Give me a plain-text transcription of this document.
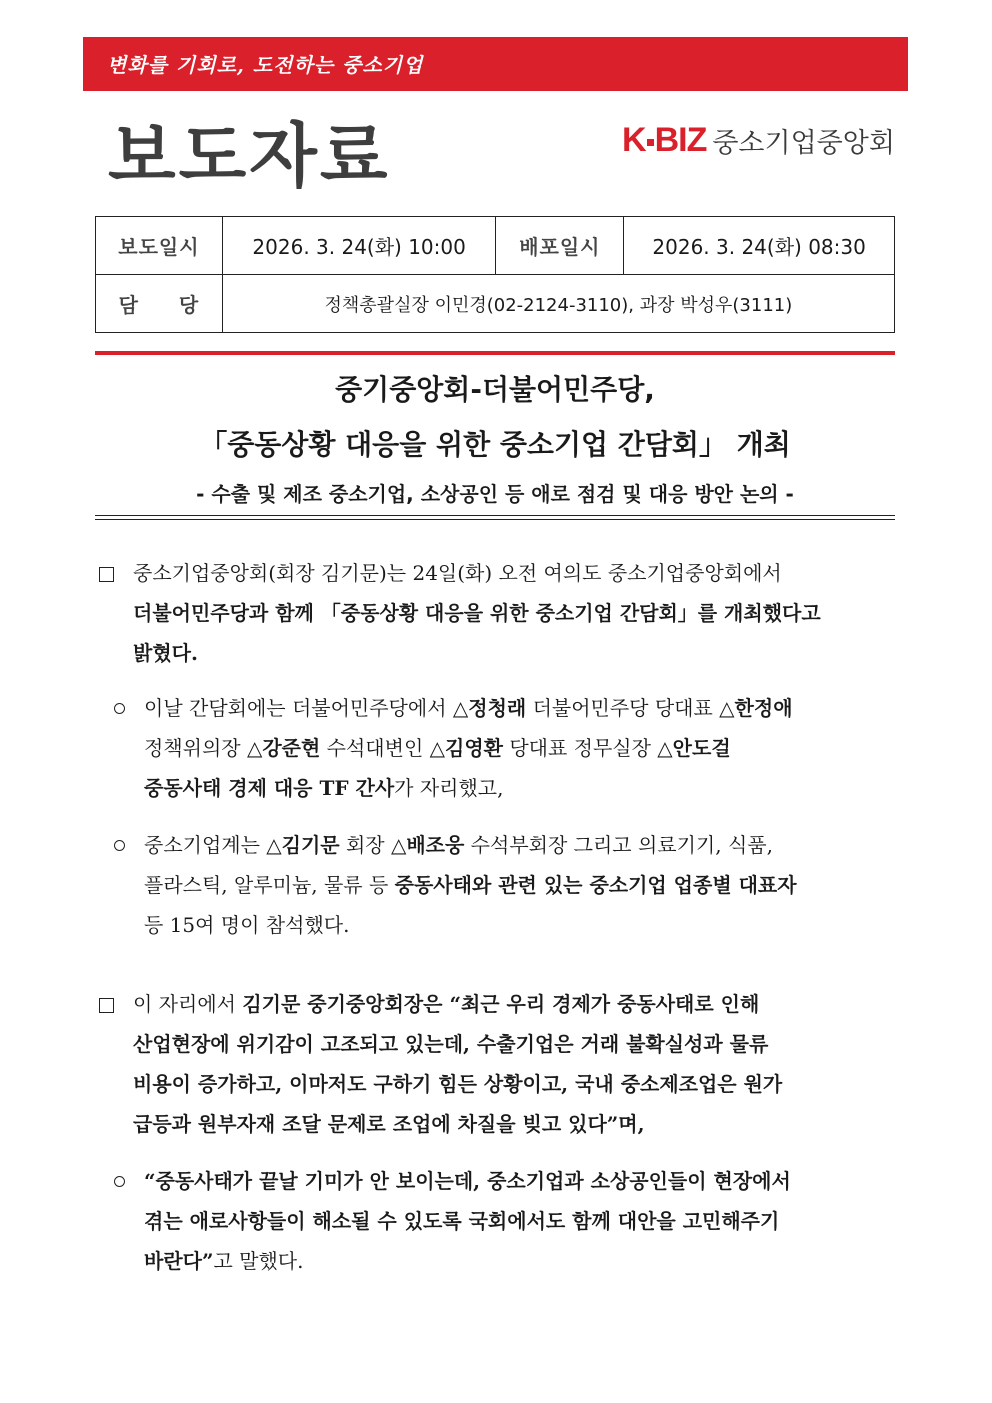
변화를 기회로, 도전하는 중소기업
보도자료	K BIZ 중소기업중앙회
보도일시	2026. 3. 24(화) 10:00	배포일시	2026. 3. 24(화) 08:30
담 당	정책총괄실장 이민경(02-2124-3110), 과장 박성우(3111)		
중기중앙회-더불어민주당,
「중동상황 대응을 위한 중소기업 간담회」 개최
- 수출 및 제조 중소기업, 소상공인 등 애로 점검 및 대응 방안 논의 -
중소기업중앙회(회장 김기문)는 24일(화) 오전 여의도 중소기업중앙회에서
더불어민주당과 함께 「중동상황 대응을 위한 중소기업 간담회」를 개최했다고
밝혔다.
이날 간담회에는 더불어민주당에서 △정청래 더불어민주당 당대표 △한정애
정책위의장 △강준현 수석대변인 △김영환 당대표 정무실장 △안도걸
중동사태 경제 대응 TF 간사가 자리했고,
중소기업계는 △김기문 회장 △배조웅 수석부회장 그리고 의료기기, 식품,
플라스틱, 알루미늄, 물류 등 중동사태와 관련 있는 중소기업 업종별 대표자
등 15여 명이 참석했다.
이 자리에서 김기문 중기중앙회장은 “최근 우리 경제가 중동사태로 인해
산업현장에 위기감이 고조되고 있는데, 수출기업은 거래 불확실성과 물류
비용이 증가하고, 이마저도 구하기 힘든 상황이고, 국내 중소제조업은 원가
급등과 원부자재 조달 문제로 조업에 차질을 빚고 있다”며,
“중동사태가 끝날 기미가 안 보이는데, 중소기업과 소상공인들이 현장에서
겪는 애로사항들이 해소될 수 있도록 국회에서도 함께 대안을 고민해주기
바란다”고 말했다.
